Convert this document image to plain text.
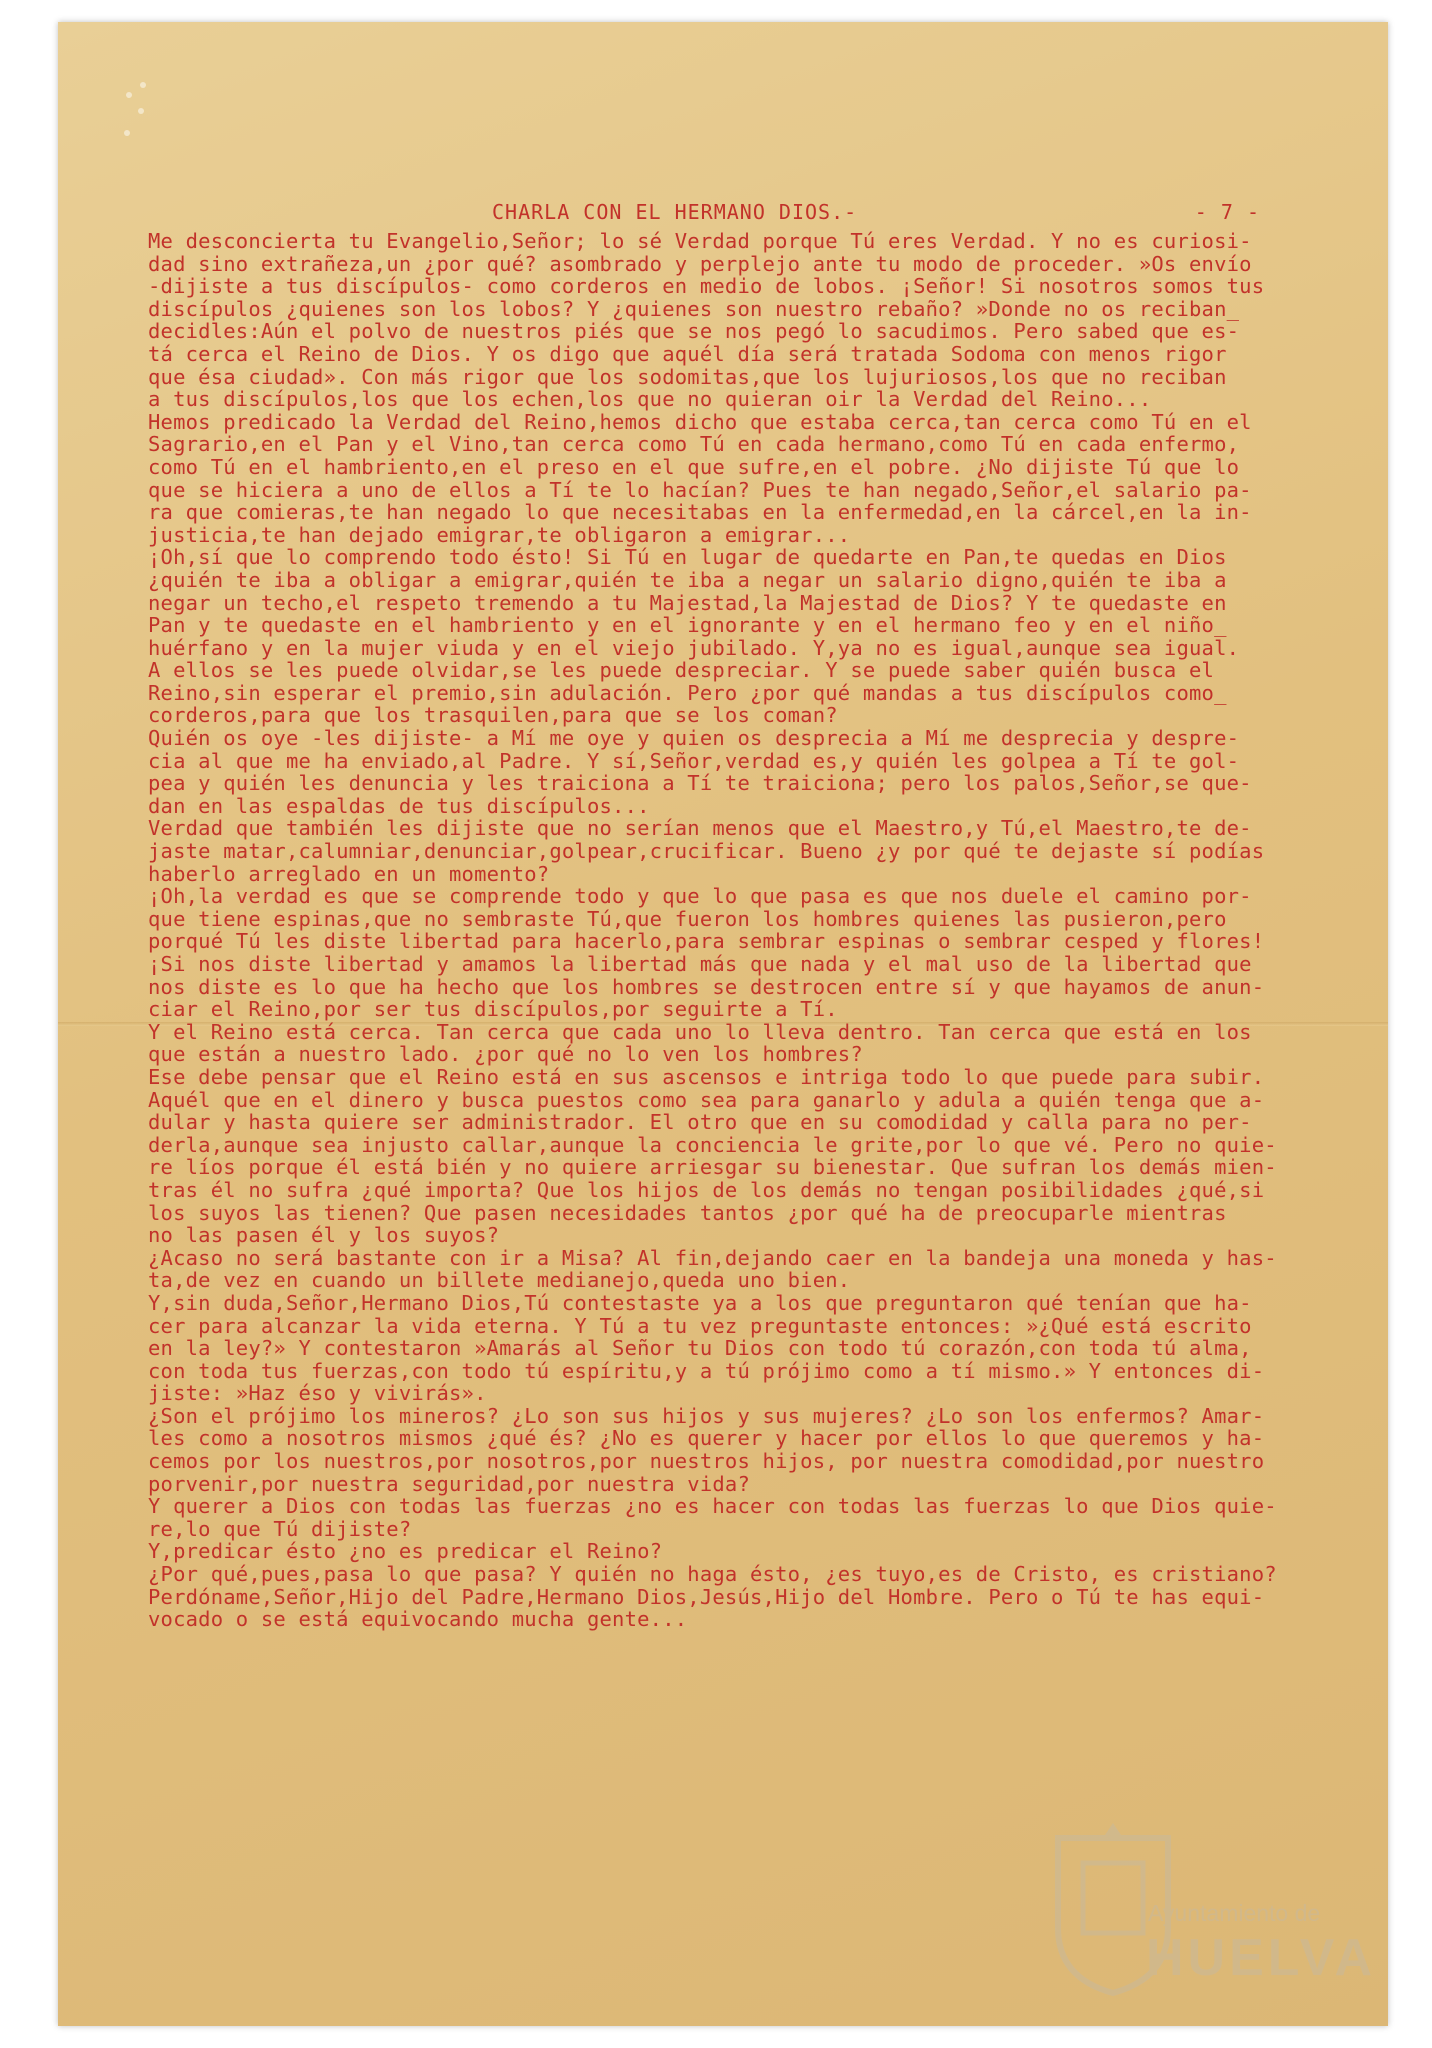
CHARLA CON EL HERMANO DIOS.-	- 7 -
Me desconcierta tu Evangelio,Señor; lo sé Verdad porque Tú eres Verdad. Y no es curiosi-
dad sino extrañeza,un ¿por qué? asombrado y perplejo ante tu modo de proceder. »Os envío
-dijiste a tus discípulos- como corderos en medio de lobos. ¡Señor! Si nosotros somos tus
discípulos ¿quienes son los lobos? Y ¿quienes son nuestro rebaño? »Donde no os reciban_
decidles:Aún el polvo de nuestros piés que se nos pegó lo sacudimos. Pero sabed que es-
tá cerca el Reino de Dios. Y os digo que aquél día será tratada Sodoma con menos rigor
que ésa ciudad». Con más rigor que los sodomitas,que los lujuriosos,los que no reciban
a tus discípulos,los que los echen,los que no quieran oir la Verdad del Reino...
Hemos predicado la Verdad del Reino,hemos dicho que estaba cerca,tan cerca como Tú en el
Sagrario,en el Pan y el Vino,tan cerca como Tú en cada hermano,como Tú en cada enfermo,
como Tú en el hambriento,en el preso en el que sufre,en el pobre. ¿No dijiste Tú que lo
que se hiciera a uno de ellos a Tí te lo hacían? Pues te han negado,Señor,el salario pa-
ra que comieras,te han negado lo que necesitabas en la enfermedad,en la cárcel,en la in-
justicia,te han dejado emigrar,te obligaron a emigrar...
¡Oh,sí que lo comprendo todo ésto! Si Tú en lugar de quedarte en Pan,te quedas en Dios
¿quién te iba a obligar a emigrar,quién te iba a negar un salario digno,quién te iba a
negar un techo,el respeto tremendo a tu Majestad,la Majestad de Dios? Y te quedaste en
Pan y te quedaste en el hambriento y en el ignorante y en el hermano feo y en el niño_
huérfano y en la mujer viuda y en el viejo jubilado. Y,ya no es igual,aunque sea igual.
A ellos se les puede olvidar,se les puede despreciar. Y se puede saber quién busca el
Reino,sin esperar el premio,sin adulación. Pero ¿por qué mandas a tus discípulos como_
corderos,para que los trasquilen,para que se los coman?
Quién os oye -les dijiste- a Mí me oye y quien os desprecia a Mí me desprecia y despre-
cia al que me ha enviado,al Padre. Y sí,Señor,verdad es,y quién les golpea a Tí te gol-
pea y quién les denuncia y les traiciona a Tí te traiciona; pero los palos,Señor,se que-
dan en las espaldas de tus discípulos...
Verdad que también les dijiste que no serían menos que el Maestro,y Tú,el Maestro,te de-
jaste matar,calumniar,denunciar,golpear,crucificar. Bueno ¿y por qué te dejaste sí podías
haberlo arreglado en un momento?
¡Oh,la verdad es que se comprende todo y que lo que pasa es que nos duele el camino por-
que tiene espinas,que no sembraste Tú,que fueron los hombres quienes las pusieron,pero
porqué Tú les diste libertad para hacerlo,para sembrar espinas o sembrar cesped y flores!
¡Si nos diste libertad y amamos la libertad más que nada y el mal uso de la libertad que
nos diste es lo que ha hecho que los hombres se destrocen entre sí y que hayamos de anun-
ciar el Reino,por ser tus discípulos,por seguirte a Tí.
Y el Reino está cerca. Tan cerca que cada uno lo lleva dentro. Tan cerca que está en los
que están a nuestro lado. ¿por qué no lo ven los hombres?
Ese debe pensar que el Reino está en sus ascensos e intriga todo lo que puede para subir.
Aquél que en el dinero y busca puestos como sea para ganarlo y adula a quién tenga que a-
dular y hasta quiere ser administrador. El otro que en su comodidad y calla para no per-
derla,aunque sea injusto callar,aunque la conciencia le grite,por lo que vé. Pero no quie-
re líos porque él está bién y no quiere arriesgar su bienestar. Que sufran los demás mien-
tras él no sufra ¿qué importa? Que los hijos de los demás no tengan posibilidades ¿qué,si
los suyos las tienen? Que pasen necesidades tantos ¿por qué ha de preocuparle mientras
no las pasen él y los suyos?
¿Acaso no será bastante con ir a Misa? Al fin,dejando caer en la bandeja una moneda y has-
ta,de vez en cuando un billete medianejo,queda uno bien.
Y,sin duda,Señor,Hermano Dios,Tú contestaste ya a los que preguntaron qué tenían que ha-
cer para alcanzar la vida eterna. Y Tú a tu vez preguntaste entonces: »¿Qué está escrito
en la ley?» Y contestaron »Amarás al Señor tu Dios con todo tú corazón,con toda tú alma,
con toda tus fuerzas,con todo tú espíritu,y a tú prójimo como a tí mismo.» Y entonces di-
jiste: »Haz éso y vivirás».
¿Son el prójimo los mineros? ¿Lo son sus hijos y sus mujeres? ¿Lo son los enfermos? Amar-
les como a nosotros mismos ¿qué és? ¿No es querer y hacer por ellos lo que queremos y ha-
cemos por los nuestros,por nosotros,por nuestros hijos, por nuestra comodidad,por nuestro
porvenir,por nuestra seguridad,por nuestra vida?
Y querer a Dios con todas las fuerzas ¿no es hacer con todas las fuerzas lo que Dios quie-
re,lo que Tú dijiste?
Y,predicar ésto ¿no es predicar el Reino?
¿Por qué,pues,pasa lo que pasa? Y quién no haga ésto, ¿es tuyo,es de Cristo, es cristiano?
Perdóname,Señor,Hijo del Padre,Hermano Dios,Jesús,Hijo del Hombre. Pero o Tú te has equi-
vocado o se está equivocando mucha gente...
Ayuntamiento de
HUELVA
